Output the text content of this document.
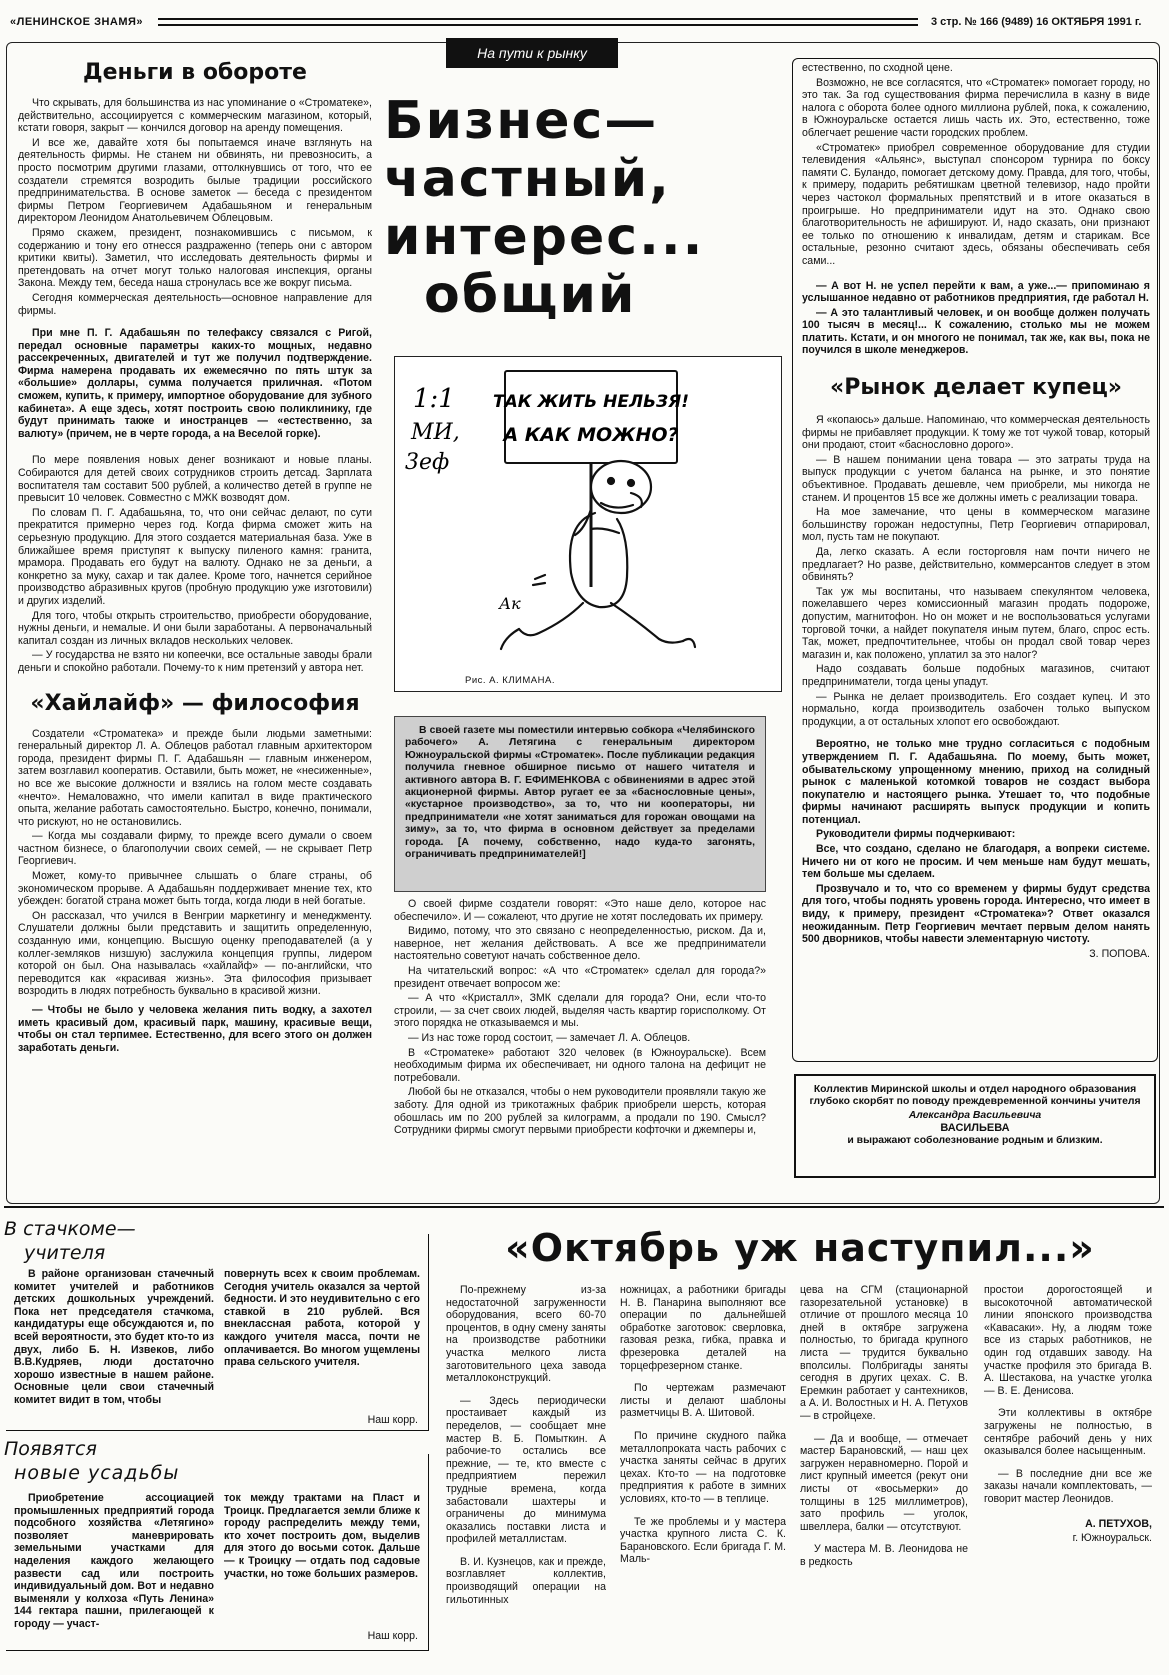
«ЛЕНИНСКОЕ ЗНАМЯ»	3 стр. № 166 (9489) 16 ОКТЯБРЯ 1991 г.
На пути к рынку
Бизнес—
частный,
интерес...
общий
Деньги в обороте

Что скрывать, для большинства из нас упоминание о «Строматеке», действительно, ассоциируется с коммерческим магазином, который, кстати говоря, закрыт — кончился договор на аренду помещения.

И все же, давайте хотя бы попытаемся иначе взглянуть на деятельность фирмы. Не станем ни обвинять, ни превозносить, а просто посмотрим другими глазами, оттолкнувшись от того, что ее создатели стремятся возродить былые традиции российского предпринимательства. В основе заметок — беседа с президентом фирмы Петром Георгиевичем Адабашьяном и генеральным директором Леонидом Анатольевичем Облецовым.

Прямо скажем, президент, познакомившись с письмом, к содержанию и тону его отнесся раздраженно (теперь они с автором критики квиты). Заметил, что исследовать деятельность фирмы и претендовать на отчет могут только налоговая инспекция, органы Закона. Между тем, беседа наша стронулась все же вокруг письма.

Сегодня коммерческая деятельность—основное направление для фирмы.

При мне П. Г. Адабашьян по телефаксу связался с Ригой, передал основные параметры каких-то мощных, недавно рассекреченных, двигателей и тут же получил подтверждение. Фирма намерена продавать их ежемесячно по пять штук за «большие» доллары, сумма получается приличная. «Потом сможем, купить, к примеру, импортное оборудование для зубного кабинета». А еще здесь, хотят построить свою поликлинику, где будут принимать также и иностранцев — «естественно, за валюту» (причем, не в черте города, а на Веселой горке).

По мере появления новых денег возникают и новые планы. Собираются для детей своих сотрудников строить детсад. Зарплата воспитателя там составит 500 рублей, а количество детей в группе не превысит 10 человек. Совместно с МЖК возводят дом.

По словам П. Г. Адабашьяна, то, что они сейчас делают, по сути прекратится примерно через год. Когда фирма сможет жить на серьезную продукцию. Для этого создается материальная база. Уже в ближайшее время приступят к выпуску пиленого камня: гранита, мрамора. Продавать его будут на валюту. Однако не за деньги, а конкретно за муку, сахар и так далее. Кроме того, начнется серийное производство абразивных кругов (пробную продукцию уже изготовили) и других изделий.

Для того, чтобы открыть строительство, приобрести оборудование, нужны деньги, и немалые. И они были заработаны. А первоначальный капитал создан из личных вкладов нескольких человек.

— У государства не взято ни копеечки, все остальные заводы брали деньги и спокойно работали. Почему-то к ним претензий у автора нет.

«Хайлайф» — философия

Создатели «Строматека» и прежде были людьми заметными: генеральный директор Л. А. Облецов работал главным архитектором города, президент фирмы П. Г. Адабашьян — главным инженером, затем возглавил кооператив. Оставили, быть может, не «несиженные», но все же высокие должности и взялись на голом месте создавать «нечто». Немаловажно, что имели капитал в виде практического опыта, желание работать самостоятельно. Быстро, конечно, понимали, что рискуют, но не остановились.

— Когда мы создавали фирму, то прежде всего думали о своем частном бизнесе, о благополучии своих семей, — не скрывает Петр Георгиевич.

Может, кому-то привычнее слышать о благе страны, об экономическом прорыве. А Адабашьян поддерживает мнение тех, кто убежден: богатой страна может быть тогда, когда люди в ней богатые.

Он рассказал, что учился в Венгрии маркетингу и менеджменту. Слушатели должны были представить и защитить определенную, созданную ими, концепцию. Высшую оценку преподавателей (а у коллег-земляков низшую) заслужила концепция группы, лидером которой он был. Она называлась «хайлайф» — по-английски, что переводится как «красивая жизнь». Эта философия призывает возродить в людях потребность буквально в красивой жизни.

— Чтобы не было у человека желания пить водку, а захотел иметь красивый дом, красивый парк, машину, красивые вещи, чтобы он стал терпимее. Естественно, для всего этого он должен заработать деньги.

1:1
МИ,
3еф
ТАК ЖИТЬ НЕЛЬЗЯ!
А КАК МОЖНО?
Ак
Рис. А. КЛИМАНА.

В своей газете мы поместили интервью собкора «Челябинского рабочего» А. Летягина с генеральным директором Южноуральской фирмы «Строматек». После публикации редакция получила гневное обширное письмо от нашего читателя и активного автора В. Г. ЕФИМЕНКОВА с обвинениями в адрес этой акционерной фирмы. Автор ругает ее за «баснословные цены», «кустарное производство», за то, что ни кооператоры, ни предприниматели «не хотят заниматься для горожан овощами на зиму», за то, что фирма в основном действует за пределами города. [А почему, собственно, надо куда-то загонять, ограничивать предпринимателей!]

О своей фирме создатели говорят: «Это наше дело, которое нас обеспечило». И — сожалеют, что другие не хотят последовать их примеру.

Видимо, потому, что это связано с неопределенностью, риском. Да и, наверное, нет желания действовать. А все же предприниматели настоятельно советуют начать собственное дело.

На читательский вопрос: «А что «Строматек» сделал для города?» президент отвечает вопросом же:

— А что «Кристалл», ЗМК сделали для города? Они, если что-то строили, — за счет своих людей, выделяя часть квартир горисполкому. От этого порядка не отказываемся и мы.

— Из нас тоже город состоит, — замечает Л. А. Облецов.

В «Строматеке» работают 320 человек (в Южноуральске). Всем необходимым фирма их обеспечивает, ни одного талона на дефицит не потребовали.

Любой бы не отказался, чтобы о нем руководители проявляли такую же заботу. Для одной из трикотажных фабрик приобрели шерсть, которая обошлась им по 200 рублей за килограмм, а продали по 190. Смысл? Сотрудники фирмы смогут первыми приобрести кофточки и джемперы и,

естественно, по сходной цене.

Возможно, не все согласятся, что «Строматек» помогает городу, но это так. За год существования фирма перечислила в казну в виде налога с оборота более одного миллиона рублей, пока, к сожалению, в Южноуральске остается лишь часть их. Это, естественно, тоже облегчает решение части городских проблем.

«Строматек» приобрел современное оборудование для студии телевидения «Альянс», выступал спонсором турнира по боксу памяти С. Буландо, помогает детскому дому. Правда, для того, чтобы, к примеру, подарить ребятишкам цветной телевизор, надо пройти через частокол формальных препятствий и в итоге оказаться в проигрыше. Но предприниматели идут на это. Однако свою благотворительность не афишируют. И, надо сказать, они признают ее только по отношению к инвалидам, детям и старикам. Все остальные, резонно считают здесь, обязаны обеспечивать себя сами...

— А вот Н. не успел перейти к вам, а уже...— припоминаю я услышанное недавно от работников предприятия, где работал Н.

— А это талантливый человек, и он вообще должен получать 100 тысяч в месяц!... К сожалению, столько мы не можем платить. Кстати, и он многого не понимал, так же, как вы, пока не поучился в школе менеджеров.

«Рынок делает купец»

Я «копаюсь» дальше. Напоминаю, что коммерческая деятельность фирмы не прибавляет продукции. К тому же тот чужой товар, который они продают, стоит «баснословно дорого».

— В нашем понимании цена товара — это затраты труда на выпуск продукции с учетом баланса на рынке, и это понятие объективное. Продавать дешевле, чем приобрели, мы никогда не станем. И процентов 15 все же должны иметь с реализации товара.

На мое замечание, что цены в коммерческом магазине большинству горожан недоступны, Петр Георгиевич отпарировал, мол, пусть там не покупают.

Да, легко сказать. А если госторговля нам почти ничего не предлагает? Но разве, действительно, коммерсантов следует в этом обвинять?

Так уж мы воспитаны, что называем спекулянтом человека, пожелавшего через комиссионный магазин продать подороже, допустим, магнитофон. Но он может и не воспользоваться услугами торговой точки, а найдет покупателя иным путем, благо, спрос есть. Так, может, предпочтительнее, чтобы он продал свой товар через магазин и, как положено, уплатил за это налог?

Надо создавать больше подобных магазинов, считают предприниматели, тогда цены упадут.

— Рынка не делает производитель. Его создает купец. И это нормально, когда производитель озабочен только выпуском продукции, а от остальных хлопот его освобождают.

Вероятно, не только мне трудно согласиться с подобным утверждением П. Г. Адабашьяна. По моему, быть может, обывательскому упрощенному мнению, приход на солидный рынок с маленькой котомкой товаров не создаст выбора покупателю и настоящего рынка. Утешает то, что подобные фирмы начинают расширять выпуск продукции и копить потенциал.

Руководители фирмы подчеркивают:

Все, что создано, сделано не благодаря, а вопреки системе. Ничего ни от кого не просим. И чем меньше нам будут мешать, тем больше мы сделаем.

Прозвучало и то, что со временем у фирмы будут средства для того, чтобы поднять уровень города. Интересно, что имеет в виду, к примеру, президент «Строматека»? Ответ оказался неожиданным. Петр Георгиевич мечтает первым делом нанять 500 дворников, чтобы навести элементарную чистоту.

З. ПОПОВА.
Коллектив Миринской школы и отдел народного образования глубоко скорбят по поводу преждевременной кончины учителя
Александра Васильевича
ВАСИЛЬЕВА
и выражают соболезнование родным и близким.
В стачкоме—
учителя

В районе организован стачечный комитет учителей и работников детских дошкольных учреждений. Пока нет председателя стачкома, кандидатуры еще обсуждаются и, по всей вероятности, это будет кто-то из двух, либо Б. Н. Извеков, либо В.В.Кудряев, люди достаточно хорошо известные в нашем районе. Основные цели свои стачечный комитет видит в том, чтобы

повернуть всех к своим проблемам. Сегодня учитель оказался за чертой бедности. И это неудивительно с его ставкой в 210 рублей. Вся внеклассная работа, которой у каждого учителя масса, почти не оплачивается. Во многом ущемлены права сельского учителя.

Наш корр.
Появятся
новые усадьбы

Приобретение ассоциацией промышленных предприятий города подсобного хозяйства «Летягино» позволяет маневрировать земельными участками для наделения каждого желающего развести сад или построить индивидуальный дом. Вот и недавно выменяли у колхоза «Путь Ленина» 144 гектара пашни, прилегающей к городу — участ-

ток между трактами на Пласт и Троицк. Предлагается земли ближе к городу распределить между теми, кто хочет построить дом, выделив для этого до восьми соток. Дальше — к Троицку — отдать под садовые участки, но тоже больших размеров.

Наш корр.
«Октябрь уж наступил...»

По-прежнему из-за недостаточной загруженности оборудования, всего 60-70 процентов, в одну смену заняты на производстве работники участка мелкого листа заготовительного цеха завода металлоконструкций.

— Здесь периодически простаивает каждый из переделов, — сообщает мне мастер В. Б. Помыткин. А рабочие-то остались все прежние, — те, кто вместе с предприятием пережил трудные времена, когда забастовали шахтеры и ограничены до минимума оказались поставки листа и профилей металлистам.

В. И. Кузнецов, как и прежде, возглавляет коллектив, производящий операции на гильотинных

ножницах, а работники бригады Н. В. Панарина выполняют все операции по дальнейшей обработке заготовок: сверловка, газовая резка, гибка, правка и фрезеровка деталей на торцефрезерном станке.

По чертежам размечают листы и делают шаблоны разметчицы В. А. Шитовой.

По причине скудного пайка металлопроката часть рабочих с участка заняты сейчас в других цехах. Кто-то — на подготовке предприятия к работе в зимних условиях, кто-то — в теплице.

Те же проблемы и у мастера участка крупного листа С. К. Барановского. Если бригада Г. М. Маль-

цева на СГМ (стационарной газорезательной установке) в отличие от прошлого месяца 10 дней в октябре загружена полностью, то бригада крупного листа — трудится буквально вполсилы. Полбригады заняты сегодня в других цехах. С. В. Еремкин работает у сантехников, а А. И. Волостных и Н. А. Петухов — в стройцехе.

— Да и вообще, — отмечает мастер Барановский, — наш цех загружен неравномерно. Порой и лист крупный имеется (рекут они листы от «восьмерки» до толщины в 125 миллиметров), зато профиль — уголок, швеллера, балки — отсутствуют.

У мастера М. В. Леонидова не в редкость

простои дорогостоящей и высокоточной автоматической линии японского производства «Кавасаки». Ну, а людям тоже все из старых работников, не один год отдавших заводу. На участке профиля это бригада В. А. Шестакова, на участке уголка — В. Е. Денисова.

Эти коллективы в октябре загружены не полностью, в сентябре рабочий день у них оказывался более насыщенным.

— В последние дни все же заказы начали комплектовать, — говорит мастер Леонидов.

А. ПЕТУХОВ,
г. Южноуральск.
